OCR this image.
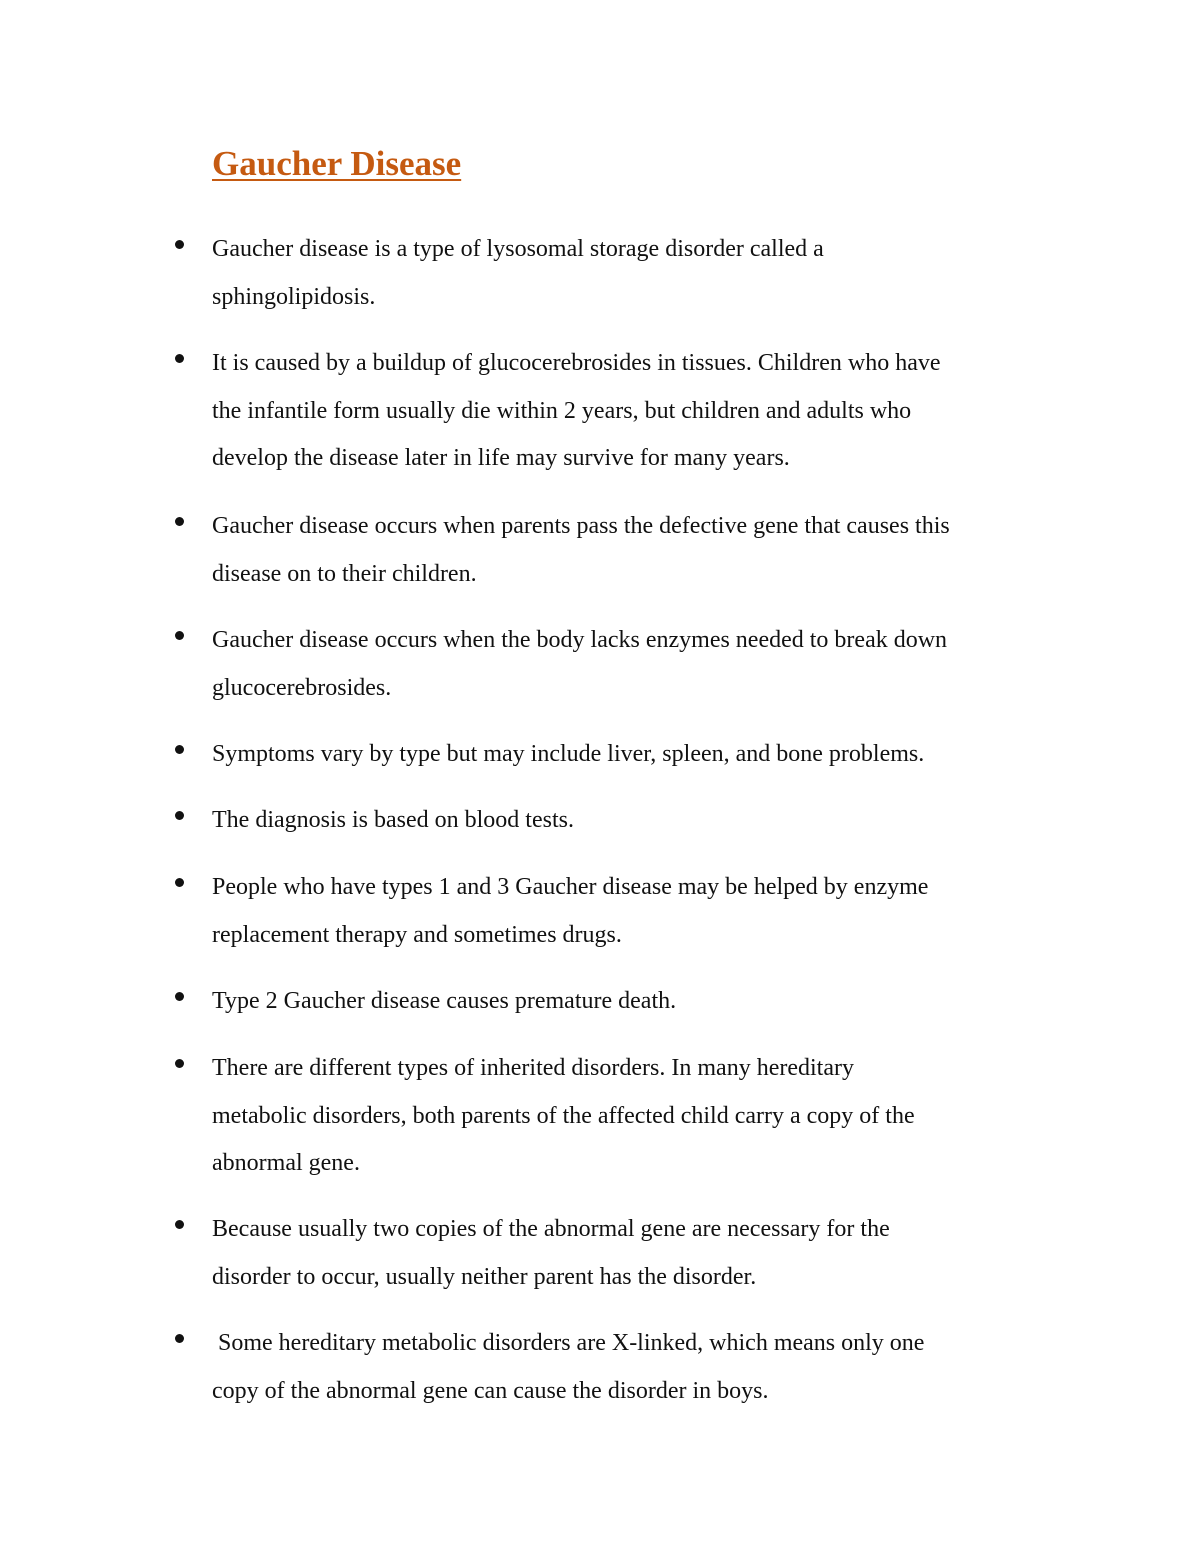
Gaucher Disease
Gaucher disease is a type of lysosomal storage disorder called a
sphingolipidosis.
It is caused by a buildup of glucocerebrosides in tissues. Children who have
the infantile form usually die within 2 years, but children and adults who
develop the disease later in life may survive for many years.
Gaucher disease occurs when parents pass the defective gene that causes this
disease on to their children.
Gaucher disease occurs when the body lacks enzymes needed to break down
glucocerebrosides.
Symptoms vary by type but may include liver, spleen, and bone problems.
The diagnosis is based on blood tests.
People who have types 1 and 3 Gaucher disease may be helped by enzyme
replacement therapy and sometimes drugs.
Type 2 Gaucher disease causes premature death.
There are different types of inherited disorders. In many hereditary
metabolic disorders, both parents of the affected child carry a copy of the
abnormal gene.
Because usually two copies of the abnormal gene are necessary for the
disorder to occur, usually neither parent has the disorder.
Some hereditary metabolic disorders are X-linked, which means only one
copy of the abnormal gene can cause the disorder in boys.
